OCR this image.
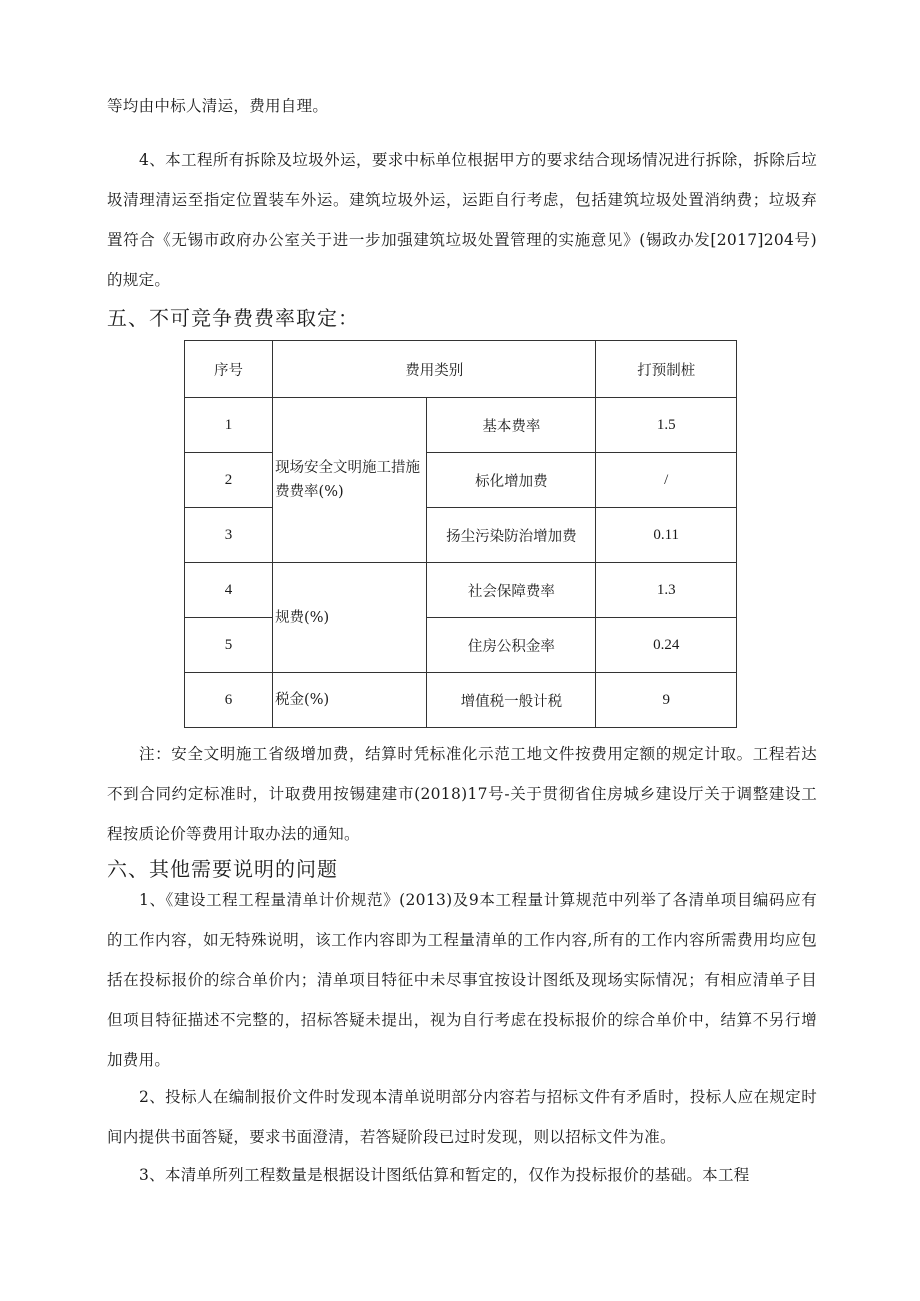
等均由中标人清运，费用自理。

4、本工程所有拆除及垃圾外运，要求中标单位根据甲方的要求结合现场情况进行拆除，拆除后垃圾清理清运至指定位置装车外运。建筑垃圾外运，运距自行考虑，包括建筑垃圾处置消纳费；垃圾弃置符合《无锡市政府办公室关于进一步加强建筑垃圾处置管理的实施意见》(锡政办发[2017]204号)的规定。

五、不可竞争费费率取定：
序号	费用类别		打预制桩
1	现场安全文明施工措施费费率(%)	基本费率	1.5
2		标化增加费	/
3		扬尘污染防治增加费	0.11
4	规费(%)	社会保障费率	1.3
5		住房公积金率	0.24
6	税金(%)	增值税一般计税	9

注：安全文明施工省级增加费，结算时凭标准化示范工地文件按费用定额的规定计取。工程若达不到合同约定标准时，计取费用按锡建建市(2018)17号-关于贯彻省住房城乡建设厅关于调整建设工程按质论价等费用计取办法的通知。

六、其他需要说明的问题

1、《建设工程工程量清单计价规范》(2013)及9本工程量计算规范中列举了各清单项目编码应有的工作内容，如无特殊说明，该工作内容即为工程量清单的工作内容,所有的工作内容所需费用均应包括在投标报价的综合单价内；清单项目特征中未尽事宜按设计图纸及现场实际情况；有相应清单子目但项目特征描述不完整的，招标答疑未提出，视为自行考虑在投标报价的综合单价中，结算不另行增加费用。

2、投标人在编制报价文件时发现本清单说明部分内容若与招标文件有矛盾时，投标人应在规定时间内提供书面答疑，要求书面澄清，若答疑阶段已过时发现，则以招标文件为准。

3、本清单所列工程数量是根据设计图纸估算和暂定的，仅作为投标报价的基础。本工程
